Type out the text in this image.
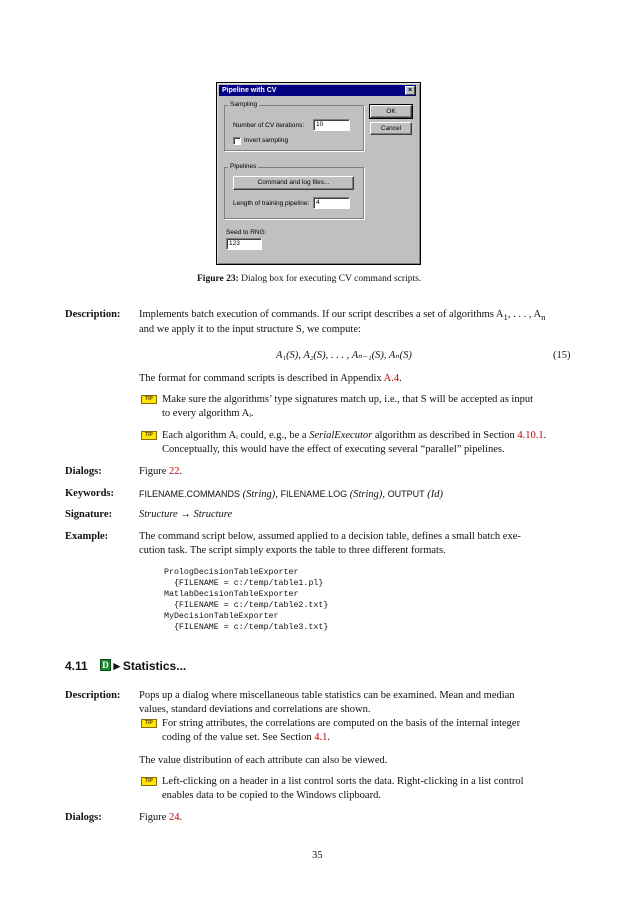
Pipeline with CV	×
Sampling
Number of CV iterations:	10
Invert sampling
Pipelines
Command and log files...
Length of training pipeline:	4
Seed to RNG:
123
OK
Cancel
Figure 23: Dialog box for executing CV command scripts.
Description: Implements batch execution of commands. If our script describes a set of algorithms $A_1$, . . . , $A_n$
and we apply it to the input structure S, we compute:
A₁(S), A₂(S), . . . , Aₙ₋₁(S), Aₙ(S)	(15)
The format for command scripts is described in Appendix A.4.
TIP Make sure the algorithms’ type signatures match up, i.e., that S will be accepted as input
to every algorithm Aᵢ.
TIP Each algorithm Aᵢ could, e.g., be a SerialExecutor algorithm as described in Section 4.10.1.
Conceptually, this would have the effect of executing several “parallel” pipelines.
Dialogs:	Figure 22.
Keywords:	FILENAME.COMMANDS (String), FILENAME.LOG (String), OUTPUT (Id)
Signature:	Structure → Structure
Example:	The command script below, assumed applied to a decision table, defines a small batch exe-
cution task. The script simply exports the table to three different formats.
PrologDecisionTableExporter
{FILENAME = c:/temp/table1.pl}
MatlabDecisionTableExporter
{FILENAME = c:/temp/table2.txt}
MyDecisionTableExporter
{FILENAME = c:/temp/table3.txt}
4.11 D ►Statistics...
Description: Pops up a dialog where miscellaneous table statistics can be examined. Mean and median
values, standard deviations and correlations are shown.
TIP For string attributes, the correlations are computed on the basis of the internal integer
coding of the value set. See Section 4.1.
The value distribution of each attribute can also be viewed.
TIP Left-clicking on a header in a list control sorts the data. Right-clicking in a list control
enables data to be copied to the Windows clipboard.
Dialogs:	Figure 24.
35
